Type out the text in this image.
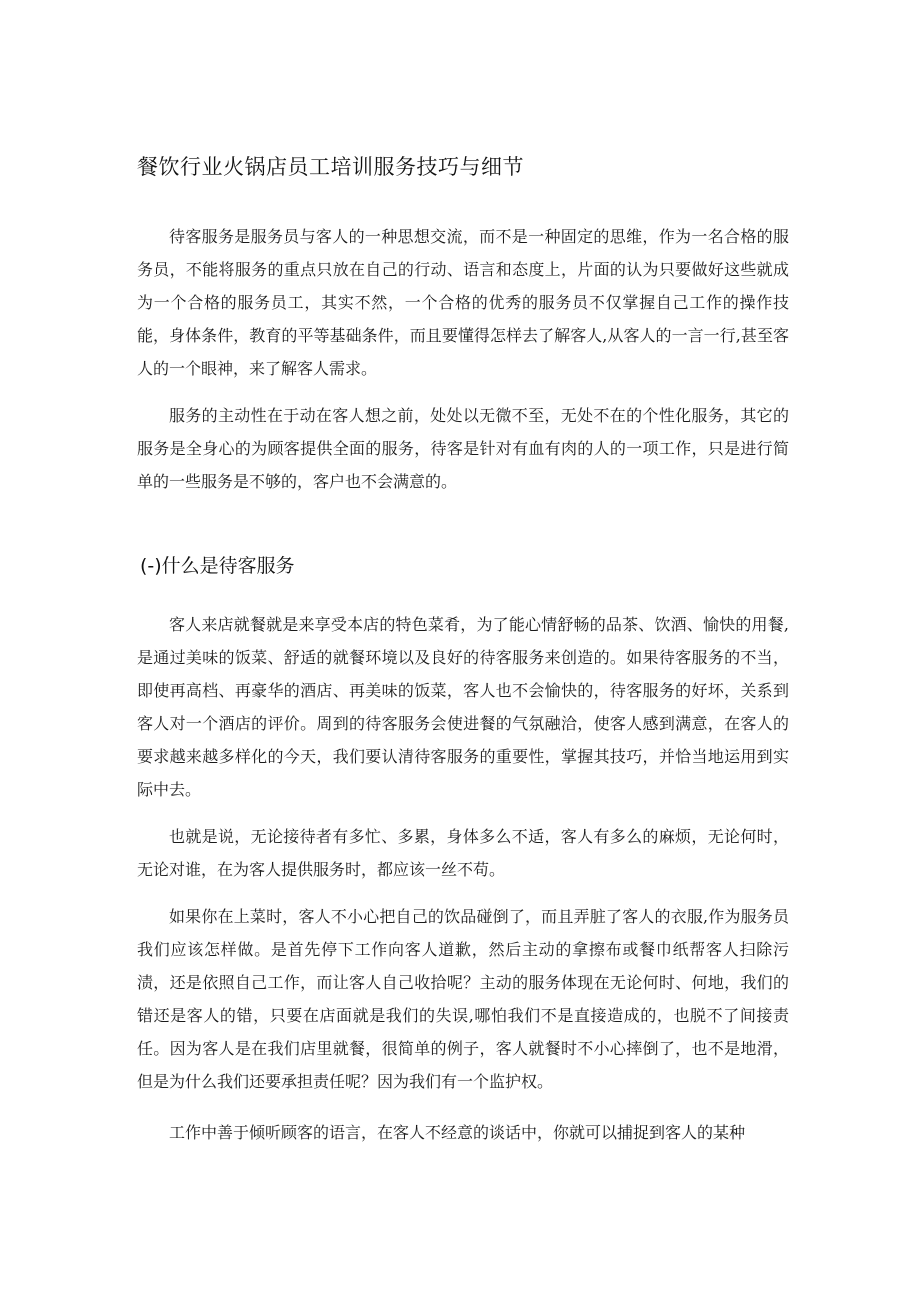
餐饮行业火锅店员工培训服务技巧与细节

待客服务是服务员与客人的一种思想交流，而不是一种固定的思维，作为一名合格的服务员，不能将服务的重点只放在自己的行动、语言和态度上，片面的认为只要做好这些就成为一个合格的服务员工，其实不然，一个合格的优秀的服务员不仅掌握自己工作的操作技能，身体条件，教育的平等基础条件，而且要懂得怎样去了解客人,从客人的一言一行,甚至客人的一个眼神，来了解客人需求。

服务的主动性在于动在客人想之前，处处以无微不至，无处不在的个性化服务，其它的服务是全身心的为顾客提供全面的服务，待客是针对有血有肉的人的一项工作，只是进行简单的一些服务是不够的，客户也不会满意的。

(-)什么是待客服务

客人来店就餐就是来享受本店的特色菜肴，为了能心情舒畅的品茶、饮酒、愉快的用餐,是通过美味的饭菜、舒适的就餐环境以及良好的待客服务来创造的。如果待客服务的不当，即使再高档、再豪华的酒店、再美味的饭菜，客人也不会愉快的，待客服务的好坏，关系到客人对一个酒店的评价。周到的待客服务会使进餐的气氛融洽，使客人感到满意，在客人的要求越来越多样化的今天，我们要认清待客服务的重要性，掌握其技巧，并恰当地运用到实际中去。

也就是说，无论接待者有多忙、多累，身体多么不适，客人有多么的麻烦，无论何时，无论对谁，在为客人提供服务时，都应该一丝不苟。

如果你在上菜时，客人不小心把自己的饮品碰倒了，而且弄脏了客人的衣服,作为服务员我们应该怎样做。是首先停下工作向客人道歉，然后主动的拿擦布或餐巾纸帮客人扫除污渍，还是依照自己工作，而让客人自己收拾呢？主动的服务体现在无论何时、何地，我们的错还是客人的错，只要在店面就是我们的失误,哪怕我们不是直接造成的，也脱不了间接责任。因为客人是在我们店里就餐，很简单的例子，客人就餐时不小心摔倒了，也不是地滑，但是为什么我们还要承担责任呢？因为我们有一个监护权。

工作中善于倾听顾客的语言，在客人不经意的谈话中，你就可以捕捉到客人的某种
